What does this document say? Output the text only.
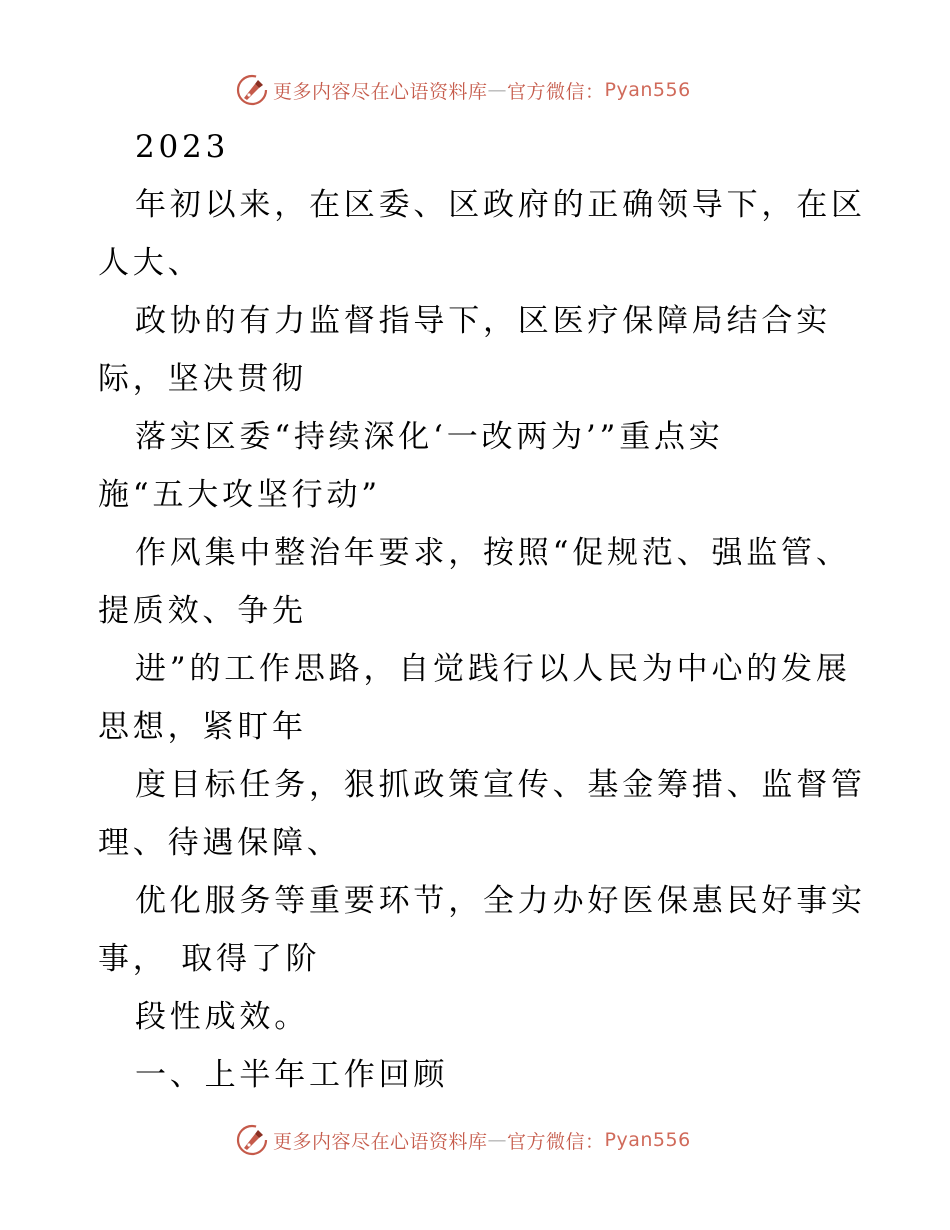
更多内容尽在心语资料库 — 官方微信： Pyan556
2023
年初以来，在区委、区政府的正确领导下，在区
人大、
政协的有力监督指导下，区医疗保障局结合实
际，坚决贯彻
落实区委“持续深化‘一改两为’”重点实
施“五大攻坚行动”
作风集中整治年要求，按照“促规范、强监管、
提质效、争先
进”的工作思路，自觉践行以人民为中心的发展
思想，紧盯年
度目标任务，狠抓政策宣传、基金筹措、监督管
理、待遇保障、
优化服务等重要环节，全力办好医保惠民好事实
事， 取得了阶
段性成效。
一、上半年工作回顾
更多内容尽在心语资料库 — 官方微信： Pyan556
